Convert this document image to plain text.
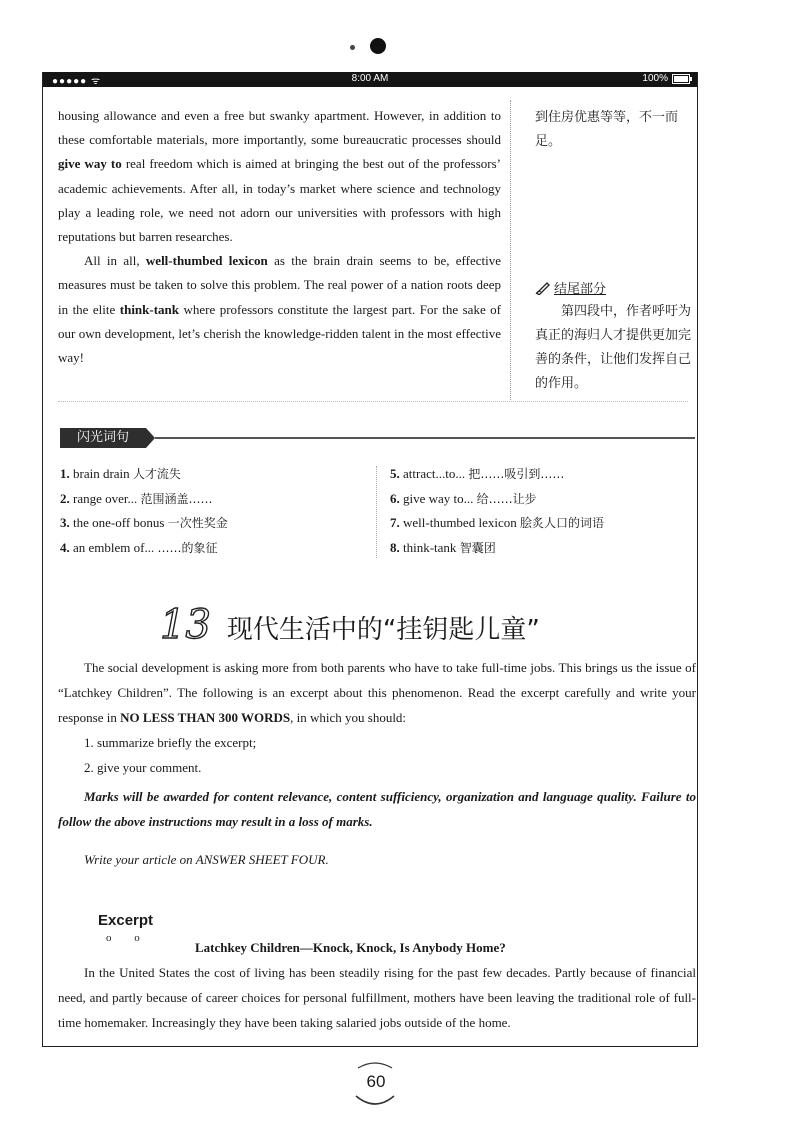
●●●●● ᯤ	8:00 AM	100%

housing allowance and even a free but swanky apartment. However, in addition to these comfortable materials, more importantly, some bureaucratic processes should give way to real freedom which is aimed at bringing the best out of the professors’ academic achievements. After all, in today’s market where science and technology play a leading role, we need not adorn our universities with professors with high reputations but barren researches.

All in all, well-thumbed lexicon as the brain drain seems to be, effective measures must be taken to solve this problem. The real power of a nation roots deep in the elite think-tank where professors constitute the largest part. For the sake of our own development, let’s cherish the knowledge-ridden talent in the most effective way!

到住房优惠等等，不一而足。
结尾部分
第四段中，作者呼吁为真正的海归人才提供更加完善的条件，让他们发挥自己的作用。
闪光词句
1. brain drain 人才流失
2. range over... 范围涵盖……
3. the one-off bonus 一次性奖金
4. an emblem of... ……的象征
5. attract...to... 把……吸引到……
6. give way to... 给……让步
7. well-thumbed lexicon 脍炙人口的词语
8. think-tank 智囊团
13 现代生活中的“挂钥匙儿童”

The social development is asking more from both parents who have to take full-time jobs. This brings us the issue of “Latchkey Children”. The following is an excerpt about this phenomenon. Read the excerpt carefully and write your response in NO LESS THAN 300 WORDS, in which you should:

1. summarize briefly the excerpt;

2. give your comment.

Marks will be awarded for content relevance, content sufficiency, organization and language quality. Failure to follow the above instructions may result in a loss of marks.

Write your article on ANSWER SHEET FOUR.

Excerpt
o o
Latchkey Children—Knock, Knock, Is Anybody Home?

In the United States the cost of living has been steadily rising for the past few decades. Partly because of financial need, and partly because of career choices for personal fulfillment, mothers have been leaving the traditional role of full-time homemaker. Increasingly they have been taking salaried jobs outside of the home.

60
